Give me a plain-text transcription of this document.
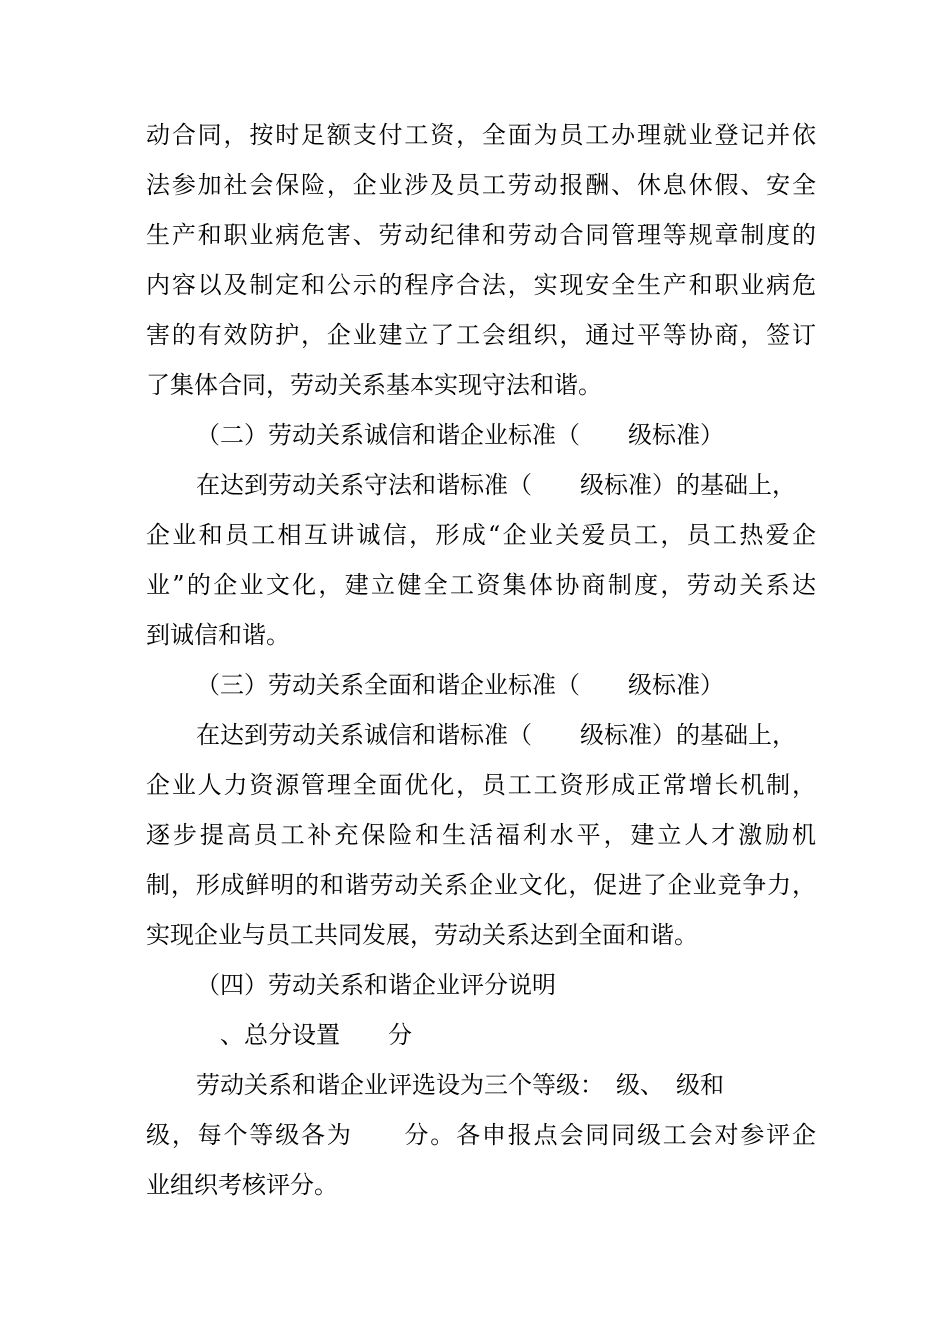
动合同，按时足额支付工资，全面为员工办理就业登记并依
法参加社会保险，企业涉及员工劳动报酬、休息休假、安全
生产和职业病危害、劳动纪律和劳动合同管理等规章制度的
内容以及制定和公示的程序合法，实现安全生产和职业病危
害的有效防护，企业建立了工会组织，通过平等协商，签订
了集体合同，劳动关系基本实现守法和谐。
（二）劳动关系诚信和谐企业标准（　　级标准）
在达到劳动关系守法和谐标准（　　级标准）的基础上，
企业和员工相互讲诚信，形成“企业关爱员工，员工热爱企
业”的企业文化，建立健全工资集体协商制度，劳动关系达
到诚信和谐。
（三）劳动关系全面和谐企业标准（　　级标准）
在达到劳动关系诚信和谐标准（　　级标准）的基础上，
企业人力资源管理全面优化，员工工资形成正常增长机制，
逐步提高员工补充保险和生活福利水平，建立人才激励机
制，形成鲜明的和谐劳动关系企业文化，促进了企业竞争力，
实现企业与员工共同发展，劳动关系达到全面和谐。
（四）劳动关系和谐企业评分说明
　、总分设置　　分
劳动关系和谐企业评选设为三个等级：　级、　级和
级，每个等级各为　　分。各申报点会同同级工会对参评企
业组织考核评分。
